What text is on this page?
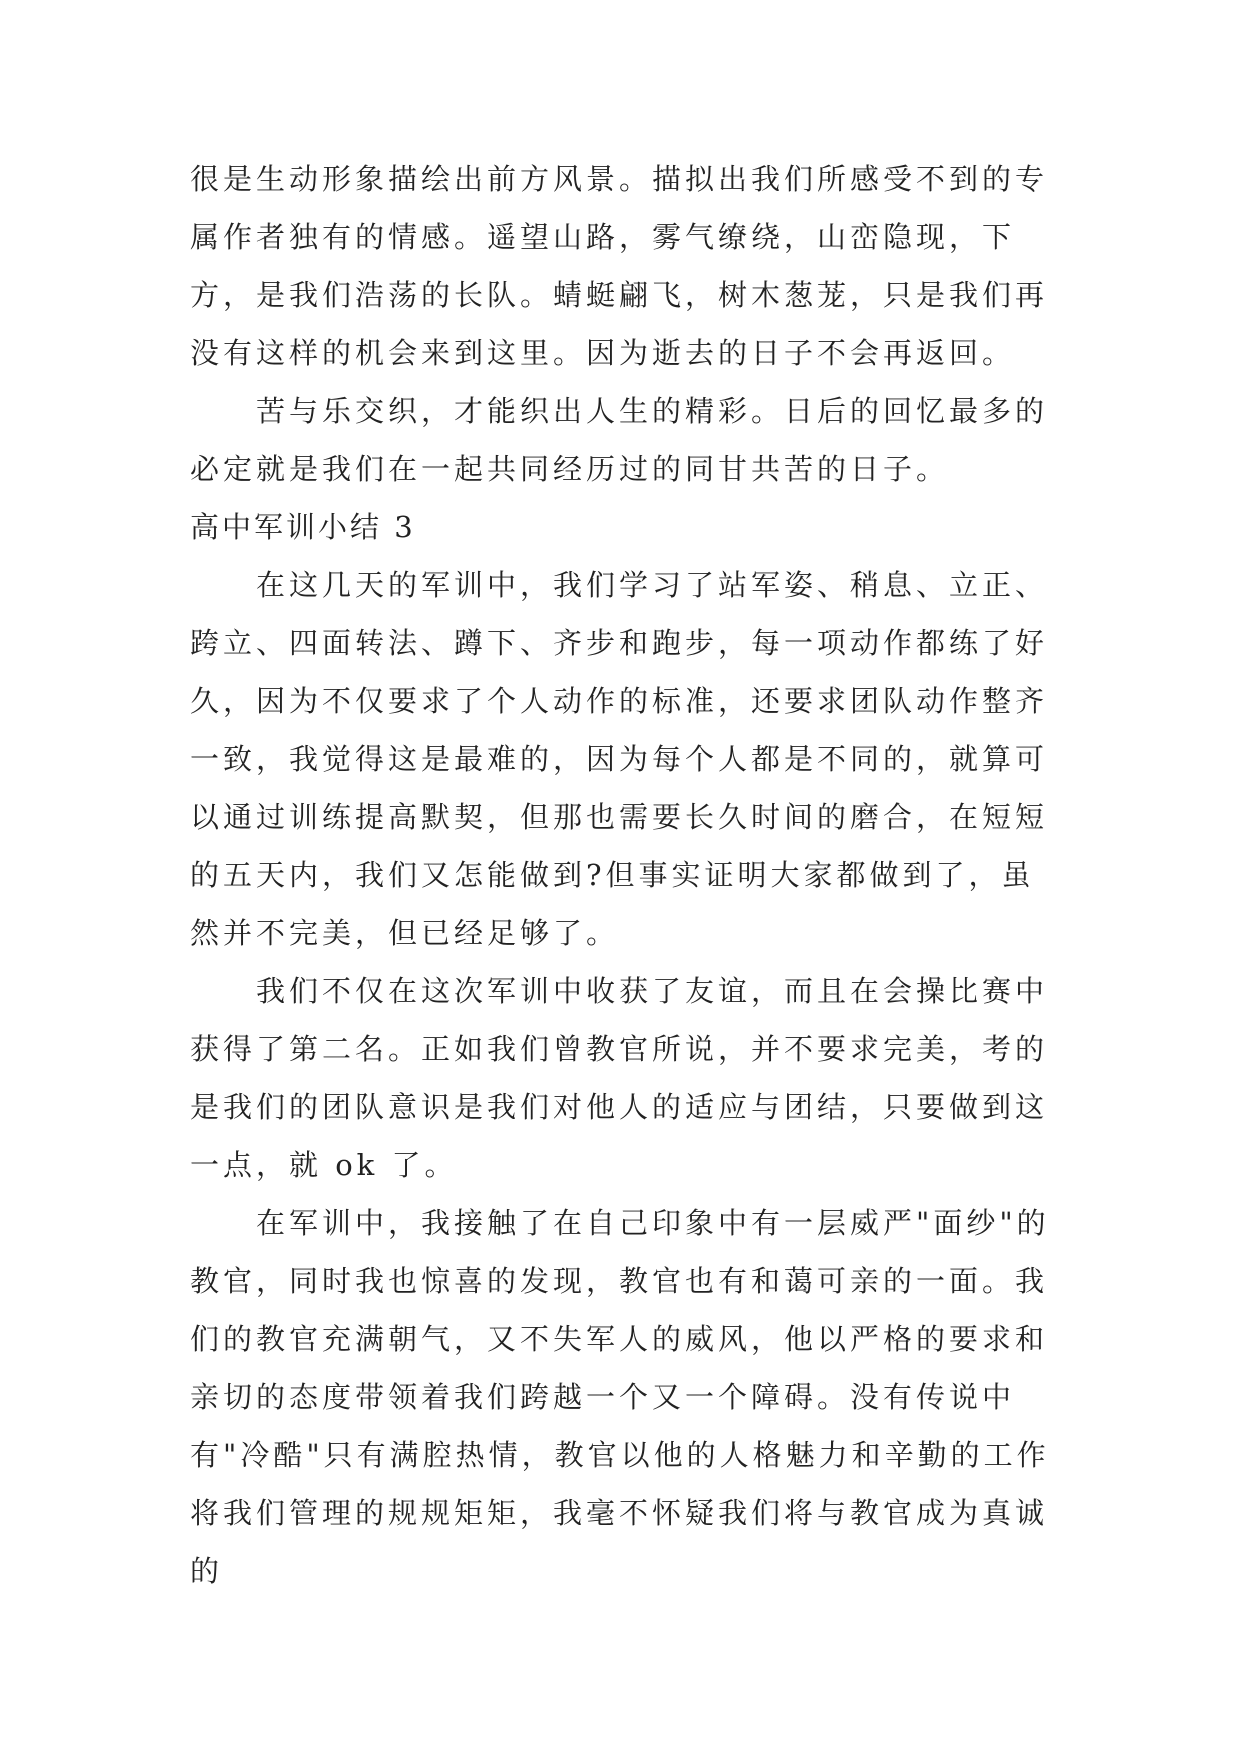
很是生动形象描绘出前方风景。描拟出我们所感受不到的专属作者独有的情感。遥望山路，雾气缭绕，山峦隐现，下方，是我们浩荡的长队。蜻蜓翩飞，树木葱茏，只是我们再没有这样的机会来到这里。因为逝去的日子不会再返回。

苦与乐交织，才能织出人生的精彩。日后的回忆最多的必定就是我们在一起共同经历过的同甘共苦的日子。

高中军训小结 3

在这几天的军训中，我们学习了站军姿、稍息、立正、跨立、四面转法、蹲下、齐步和跑步，每一项动作都练了好久，因为不仅要求了个人动作的标准，还要求团队动作整齐一致，我觉得这是最难的，因为每个人都是不同的，就算可以通过训练提高默契，但那也需要长久时间的磨合，在短短的五天内，我们又怎能做到?但事实证明大家都做到了，虽然并不完美，但已经足够了。

我们不仅在这次军训中收获了友谊，而且在会操比赛中获得了第二名。正如我们曾教官所说，并不要求完美，考的是我们的团队意识是我们对他人的适应与团结，只要做到这一点，就 ok 了。

在军训中，我接触了在自己印象中有一层威严"面纱"的教官，同时我也惊喜的发现，教官也有和蔼可亲的一面。我们的教官充满朝气，又不失军人的威风，他以严格的要求和亲切的态度带领着我们跨越一个又一个障碍。没有传说中有"冷酷"只有满腔热情，教官以他的人格魅力和辛勤的工作将我们管理的规规矩矩，我毫不怀疑我们将与教官成为真诚的
